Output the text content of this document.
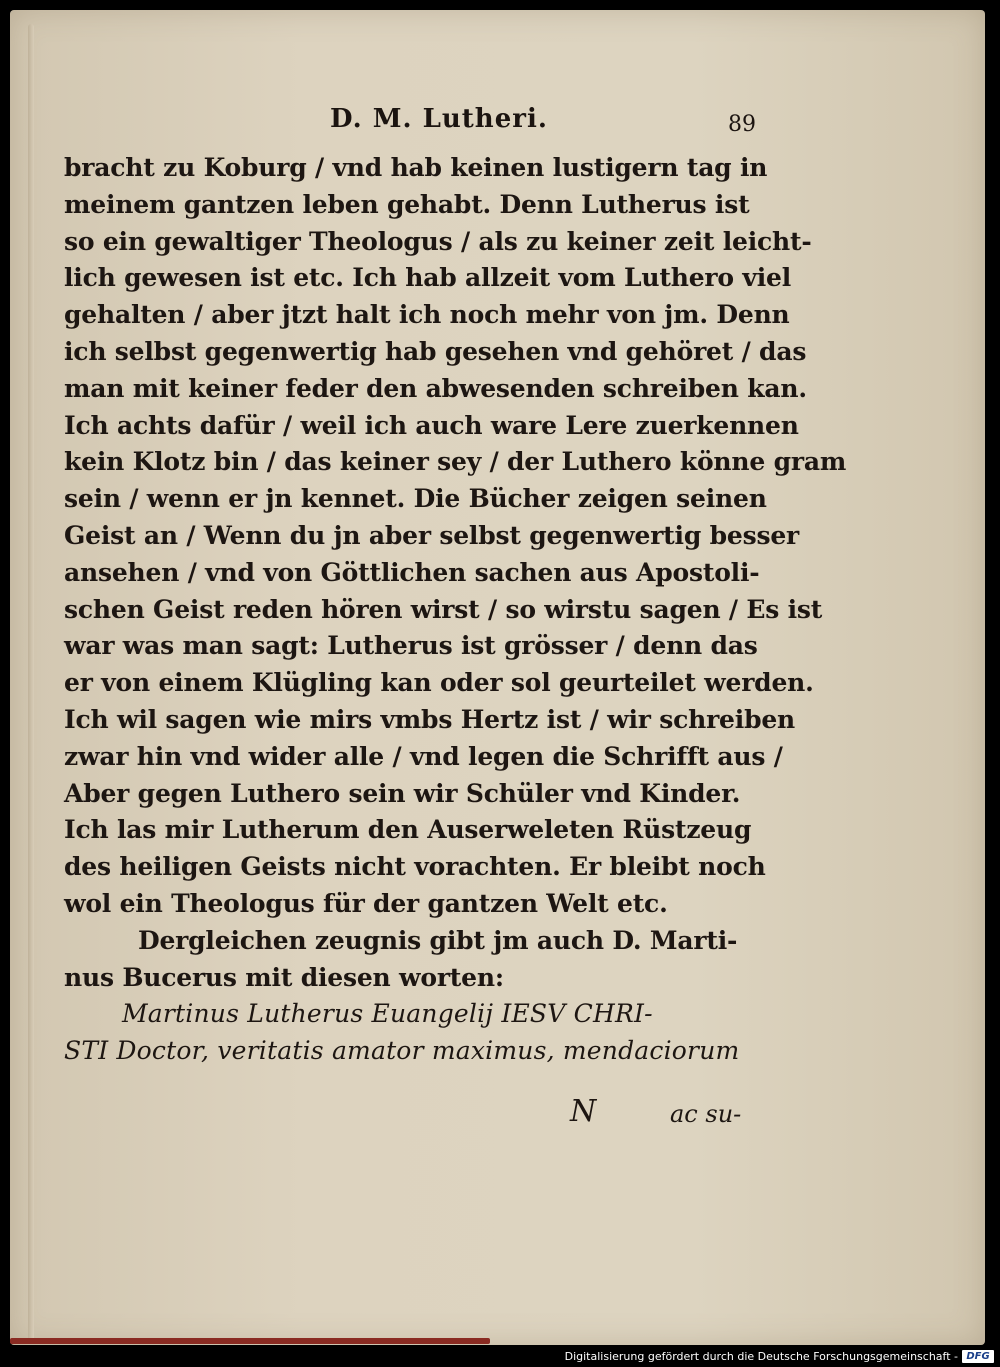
D. M. Lutheri.	89
bracht zu Koburg / vnd hab keinen lustigern tag in
meinem gantzen leben gehabt. Denn Lutherus ist
so ein gewaltiger Theologus / als zu keiner zeit leicht-
lich gewesen ist etc. Ich hab allzeit vom Luthero viel
gehalten / aber jtzt halt ich noch mehr von jm. Denn
ich selbst gegenwertig hab gesehen vnd gehöret / das
man mit keiner feder den abwesenden schreiben kan.
Ich achts dafür / weil ich auch ware Lere zuerkennen
kein Klotz bin / das keiner sey / der Luthero könne gram
sein / wenn er jn kennet. Die Bücher zeigen seinen
Geist an / Wenn du jn aber selbst gegenwertig besser
ansehen / vnd von Göttlichen sachen aus Apostoli-
schen Geist reden hören wirst / so wirstu sagen / Es ist
war was man sagt: Lutherus ist grösser / denn das
er von einem Klügling kan oder sol geurteilet werden.
Ich wil sagen wie mirs vmbs Hertz ist / wir schreiben
zwar hin vnd wider alle / vnd legen die Schrifft aus /
Aber gegen Luthero sein wir Schüler vnd Kinder.
Ich las mir Lutherum den Auserweleten Rüstzeug
des heiligen Geists nicht vorachten. Er bleibt noch
wol ein Theologus für der gantzen Welt etc.
Dergleichen zeugnis gibt jm auch D. Marti-
nus Bucerus mit diesen worten:
Martinus Lutherus Euangelij IESV CHRI-
STI Doctor, veritatis amator maximus, mendaciorum
N	ac su-
Digitalisierung gefördert durch die Deutsche Forschungsgemeinschaft - DFG
